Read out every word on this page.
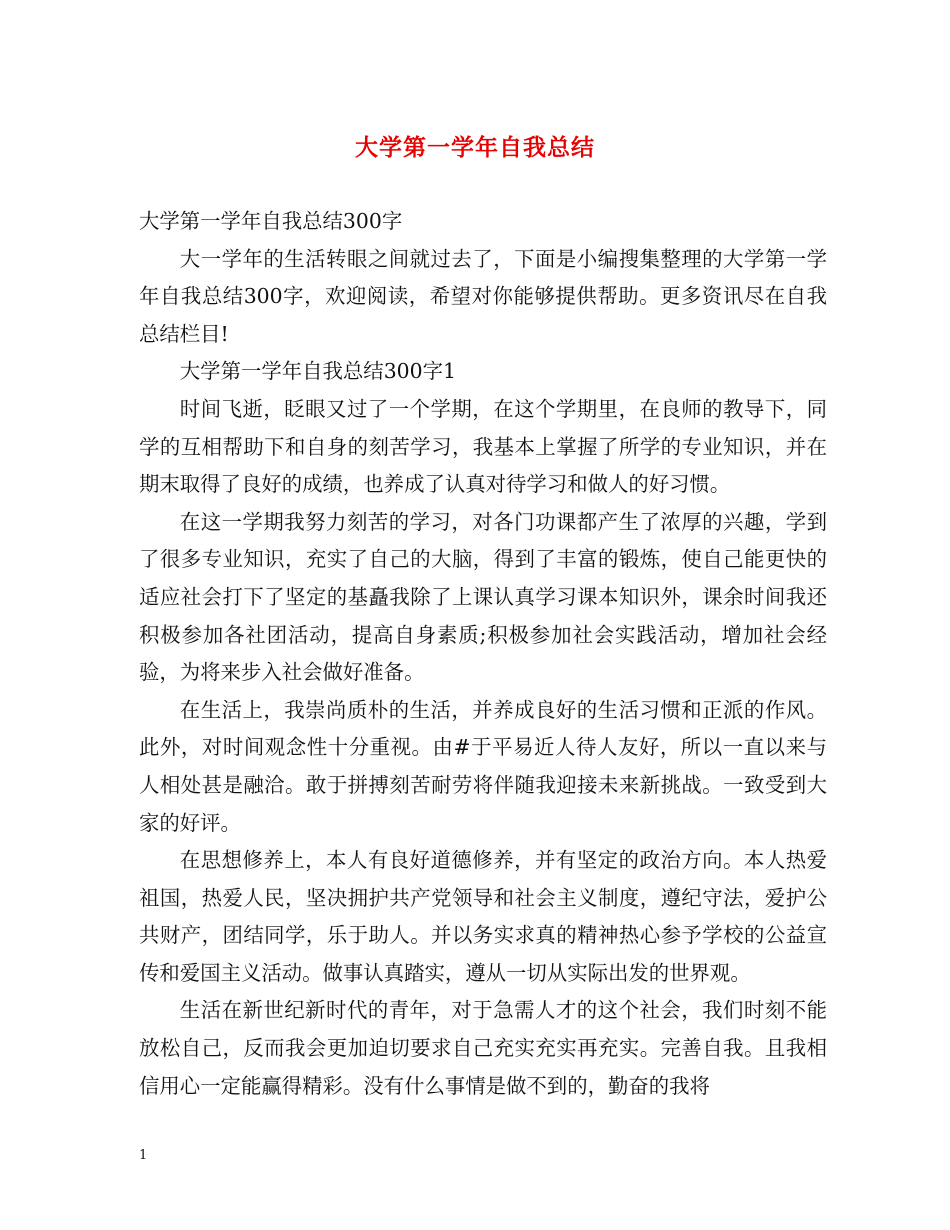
大学第一学年自我总结

大学第一学年自我总结300字

大一学年的生活转眼之间就过去了，下面是小编搜集整理的大学第一学年自我总结300字，欢迎阅读，希望对你能够提供帮助。更多资讯尽在自我总结栏目!

大学第一学年自我总结300字1

时间飞逝，眨眼又过了一个学期，在这个学期里，在良师的教导下，同学的互相帮助下和自身的刻苦学习，我基本上掌握了所学的专业知识，并在期末取得了良好的成绩，也养成了认真对待学习和做人的好习惯。

在这一学期我努力刻苦的学习，对各门功课都产生了浓厚的兴趣，学到了很多专业知识，充实了自己的大脑，得到了丰富的锻炼，使自己能更快的适应社会打下了坚定的基矗我除了上课认真学习课本知识外，课余时间我还积极参加各社团活动，提高自身素质;积极参加社会实践活动，增加社会经验，为将来步入社会做好准备。

在生活上，我崇尚质朴的生活，并养成良好的生活习惯和正派的作风。此外，对时间观念性十分重视。由#于平易近人待人友好，所以一直以来与人相处甚是融洽。敢于拼搏刻苦耐劳将伴随我迎接未来新挑战。一致受到大家的好评。

在思想修养上，本人有良好道德修养，并有坚定的政治方向。本人热爱祖国，热爱人民，坚决拥护共产党领导和社会主义制度，遵纪守法，爱护公共财产，团结同学，乐于助人。并以务实求真的精神热心参予学校的公益宣传和爱国主义活动。做事认真踏实，遵从一切从实际出发的世界观。

生活在新世纪新时代的青年，对于急需人才的这个社会，我们时刻不能放松自己，反而我会更加迫切要求自己充实充实再充实。完善自我。且我相信用心一定能赢得精彩。没有什么事情是做不到的，勤奋的我将

1
